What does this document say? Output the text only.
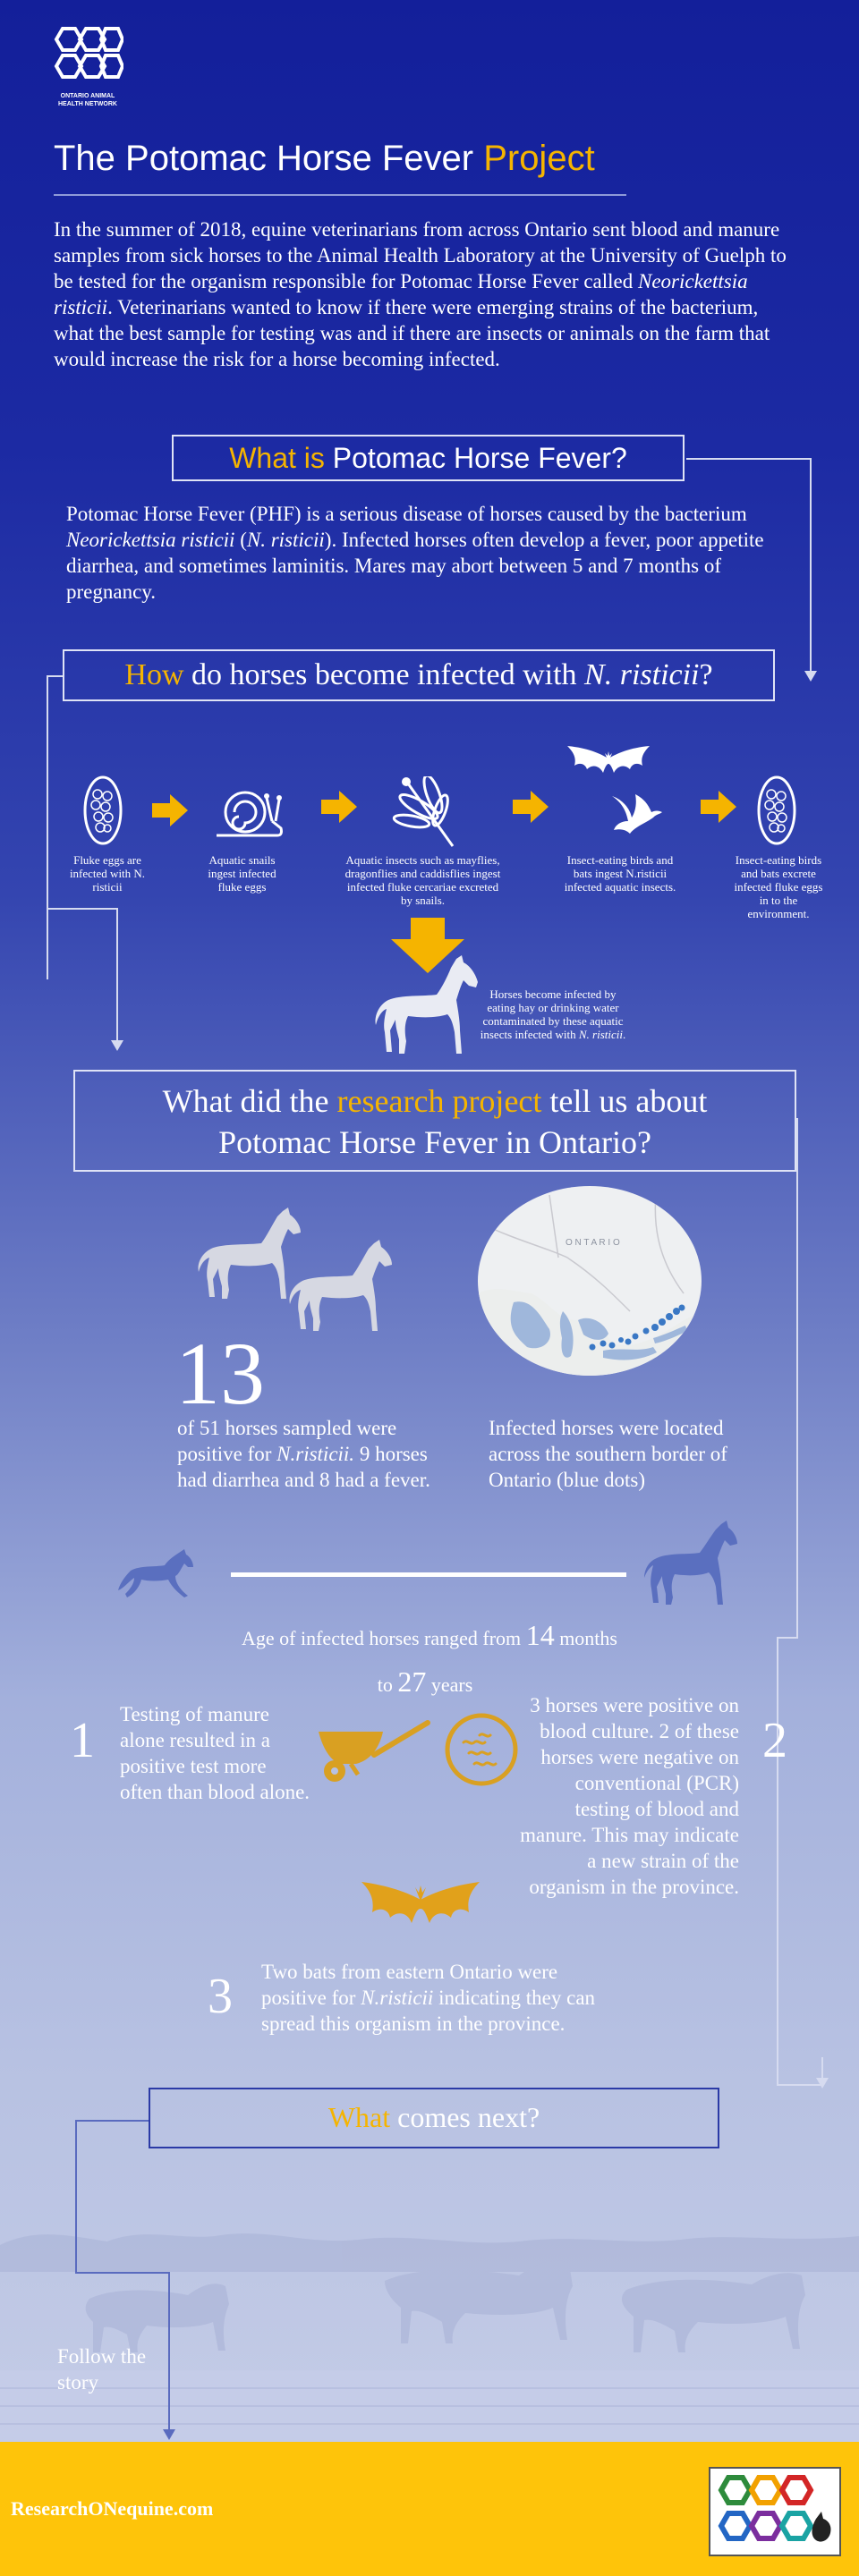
ONTARIO ANIMAL
HEALTH NETWORK
The Potomac Horse Fever Project
In the summer of 2018, equine veterinarians from across Ontario sent blood and manure samples from sick horses to the Animal Health Laboratory at the University of Guelph to be tested for the organism responsible for Potomac Horse Fever called Neorickettsia risticii. Veterinarians wanted to know if there were emerging strains of the bacterium, what the best sample for testing was and if there are insects or animals on the farm that would increase the risk for a horse becoming infected.
What is Potomac Horse Fever?
Potomac Horse Fever (PHF) is a serious disease of horses caused by the bacterium Neorickettsia risticii (N. risticii). Infected horses often develop a fever, poor appetite diarrhea, and sometimes laminitis. Mares may abort between 5 and 7 months of pregnancy.
How do horses become infected with N. risticii?
Fluke eggs are infected with N. risticii
Aquatic snails ingest infected fluke eggs
Aquatic insects such as mayflies, dragonflies and caddisflies ingest infected fluke cercariae excreted by snails.
Insect-eating birds and bats ingest N.risticii infected aquatic insects.
Insect-eating birds and bats excrete infected fluke eggs in to the environment.
Horses become infected by eating hay or drinking water contaminated by these aquatic insects infected with N. risticii.
What did the research project tell us about
Potomac Horse Fever in Ontario?
O N T A R I O
13
of 51 horses sampled were positive for N.risticii. 9 horses had diarrhea and 8 had a fever.
Infected horses were located across the southern border of Ontario (blue dots)
Age of infected horses ranged from 14 months
to 27 years
1 Testing of manure alone resulted in a positive test more often than blood alone.
3 horses were positive on blood culture. 2 of these horses were negative on conventional (PCR) testing of blood and manure. This may indicate a new strain of the organism in the province.
2
3 Two bats from eastern Ontario were positive for N.risticii indicating they can spread this organism in the province.
What comes next?
Follow the story
ResearchONequine.com
